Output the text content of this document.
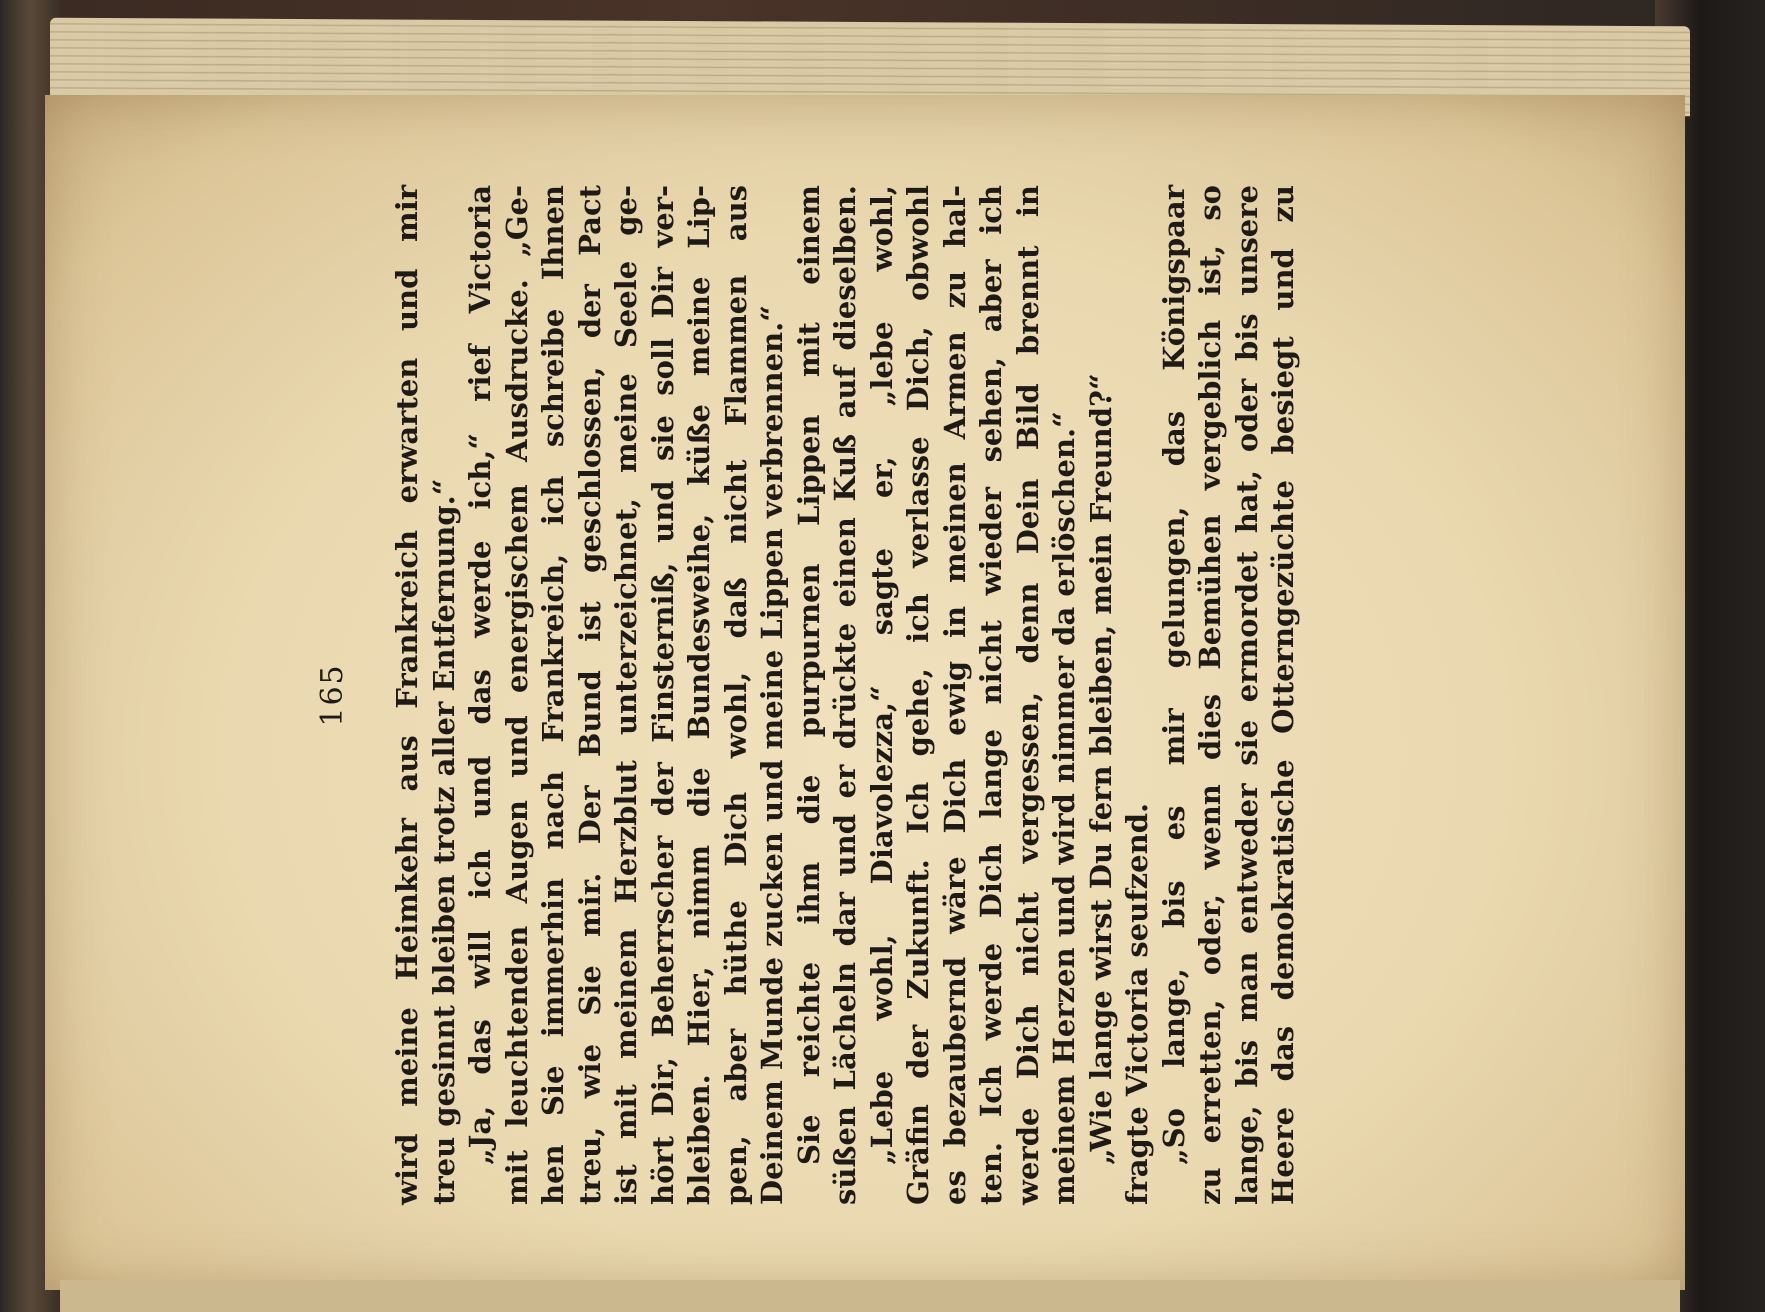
165 wird meine Heimkehr aus Frankreich erwarten und mir treu gesinnt bleiben trotz aller Entfernung.“ „Ja, das will ich und das werde ich,“ rief Victoria mit leuchtenden Augen und energischem Ausdrucke. „Ge- hen Sie immerhin nach Frankreich, ich schreibe Ihnen treu, wie Sie mir. Der Bund ist geschlossen, der Pact ist mit meinem Herzblut unterzeichnet, meine Seele ge- hört Dir, Beherrscher der Finsterniß, und sie soll Dir ver- bleiben. Hier, nimm die Bundesweihe, küße meine Lip- pen, aber hüthe Dich wohl, daß nicht Flammen aus Deinem Munde zucken und meine Lippen verbrennen.“ Sie reichte ihm die purpurnen Lippen mit einem süßen Lächeln dar und er drückte einen Kuß auf dieselben. „Lebe wohl, Diavolezza,“ sagte er, „lebe wohl, Gräfin der Zukunft. Ich gehe, ich verlasse Dich, obwohl es bezaubernd wäre Dich ewig in meinen Armen zu hal- ten. Ich werde Dich lange nicht wieder sehen, aber ich werde Dich nicht vergessen, denn Dein Bild brennt in meinem Herzen und wird nimmer da erlöschen.“ „Wie lange wirst Du fern bleiben, mein Freund?“ fragte Victoria seufzend. „So lange, bis es mir gelungen, das Königspaar zu erretten, oder, wenn dies Bemühen vergeblich ist, so lange, bis man entweder sie ermordet hat, oder bis unsere Heere das demokratische Otterngezüchte besiegt und zu
